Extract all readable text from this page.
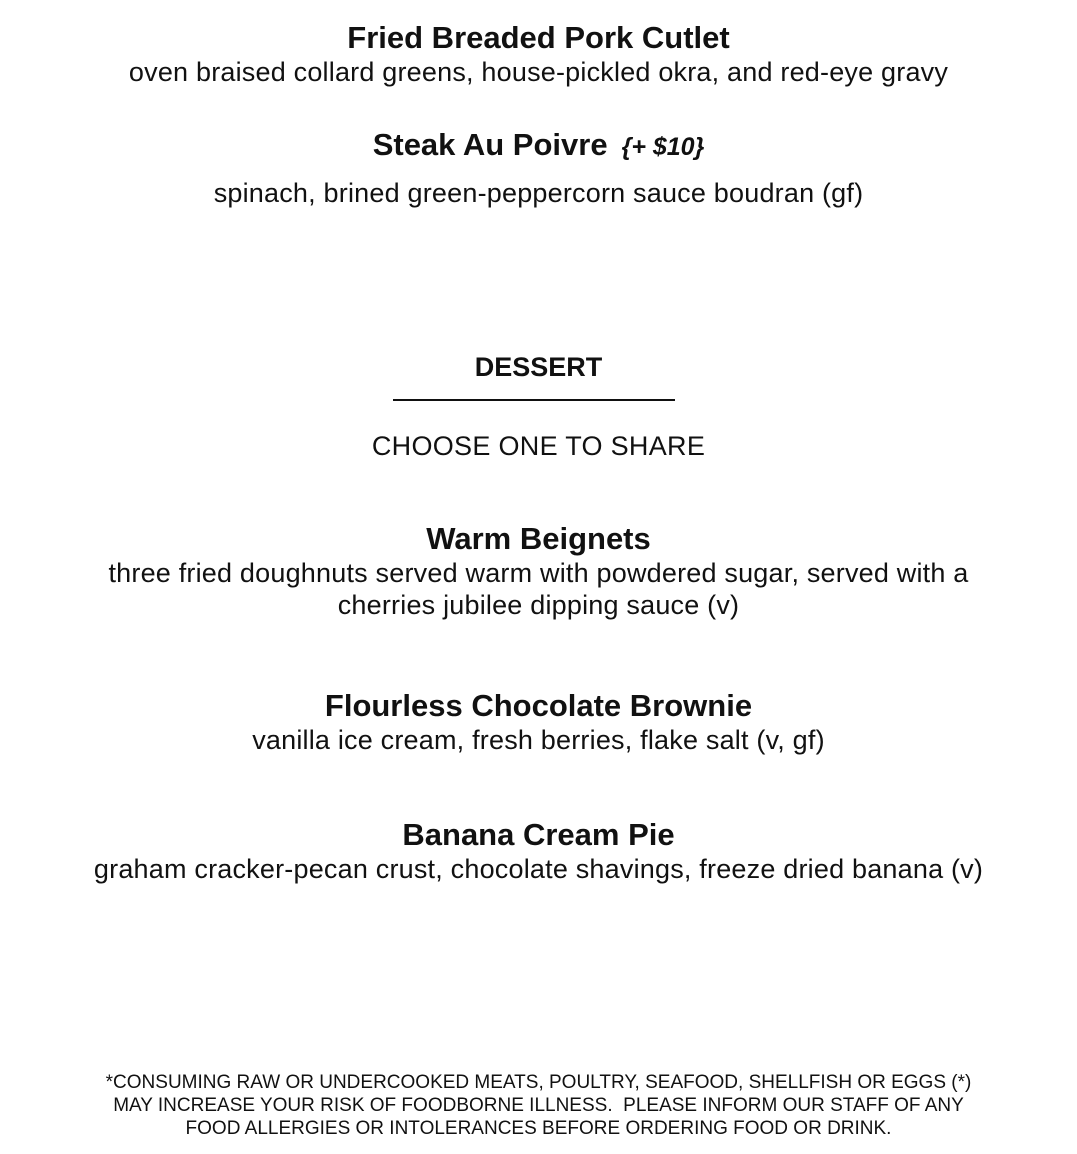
Fried Breaded Pork Cutlet

oven braised collard greens, house-pickled okra, and red-eye gravy

Steak Au Poivre {+ $10}

spinach, brined green-peppercorn sauce boudran (gf)

DESSERT

CHOOSE ONE TO SHARE

Warm Beignets

three fried doughnuts served warm with powdered sugar, served with a

cherries jubilee dipping sauce (v)

Flourless Chocolate Brownie

vanilla ice cream, fresh berries, flake salt (v, gf)

Banana Cream Pie

graham cracker-pecan crust, chocolate shavings, freeze dried banana (v)

*CONSUMING RAW OR UNDERCOOKED MEATS, POULTRY, SEAFOOD, SHELLFISH OR EGGS (*)

MAY INCREASE YOUR RISK OF FOODBORNE ILLNESS.  PLEASE INFORM OUR STAFF OF ANY

FOOD ALLERGIES OR INTOLERANCES BEFORE ORDERING FOOD OR DRINK.
